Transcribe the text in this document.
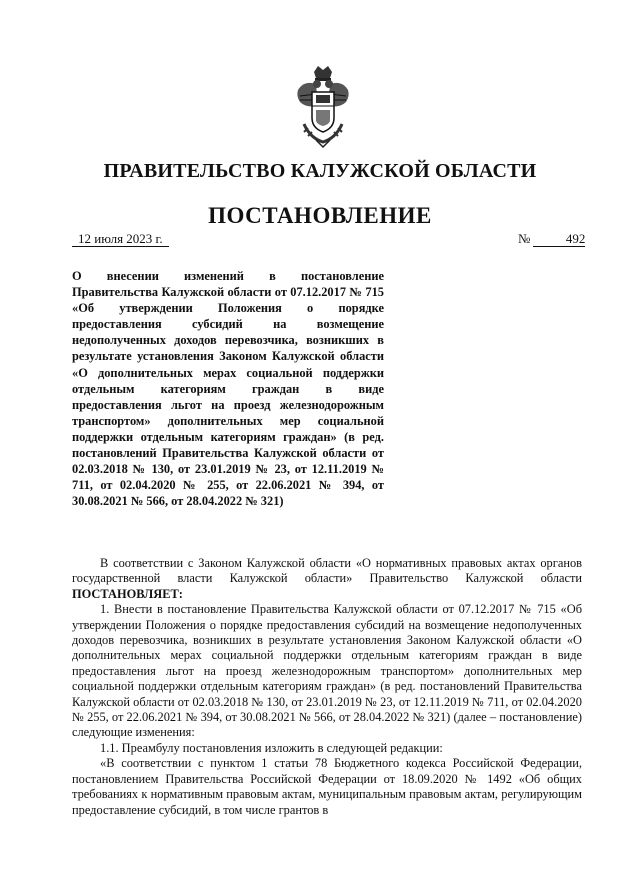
ПРАВИТЕЛЬСТВО КАЛУЖСКОЙ ОБЛАСТИ
ПОСТАНОВЛЕНИЕ
12 июля 2023 г.	№	492
О внесении изменений в постановление Правительства Калужской области от 07.12.2017 № 715 «Об утверждении Положения о порядке предоставления субсидий на возмещение недополученных доходов перевозчика, возникших в результате установления Законом Калужской области «О дополнительных мерах социальной поддержки отдельным категориям граждан в виде предоставления льгот на проезд железнодорожным транспортом» дополнительных мер социальной поддержки отдельным категориям граждан» (в ред. постановлений Правительства Калужской области от 02.03.2018 № 130, от 23.01.2019 № 23, от 12.11.2019 № 711, от 02.04.2020 № 255, от 22.06.2021 № 394, от 30.08.2021 № 566, от 28.04.2022 № 321)

В соответствии с Законом Калужской области «О нормативных правовых актах органов государственной власти Калужской области» Правительство Калужской области ПОСТАНОВЛЯЕТ:

1. Внести в постановление Правительства Калужской области от 07.12.2017 № 715 «Об утверждении Положения о порядке предоставления субсидий на возмещение недополученных доходов перевозчика, возникших в результате установления Законом Калужской области «О дополнительных мерах социальной поддержки отдельным категориям граждан в виде предоставления льгот на проезд железнодорожным транспортом» дополнительных мер социальной поддержки отдельным категориям граждан» (в ред. постановлений Правительства Калужской области от 02.03.2018 № 130, от 23.01.2019 № 23, от 12.11.2019 № 711, от 02.04.2020 № 255, от 22.06.2021 № 394, от 30.08.2021 № 566, от 28.04.2022 № 321) (далее – постановление) следующие изменения:

1.1. Преамбулу постановления изложить в следующей редакции:

«В соответствии с пунктом 1 статьи 78 Бюджетного кодекса Российской Федерации, постановлением Правительства Российской Федерации от 18.09.2020 № 1492 «Об общих требованиях к нормативным правовым актам, муниципальным правовым актам, регулирующим предоставление субсидий, в том числе грантов в
